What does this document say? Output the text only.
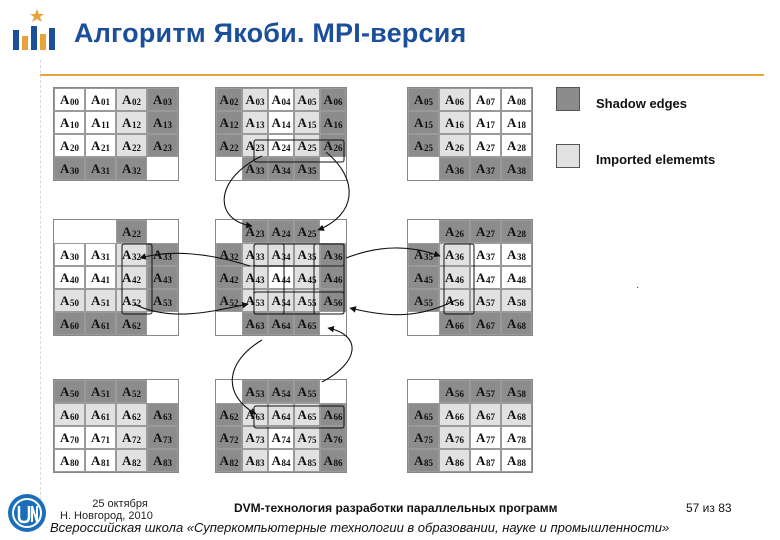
Алгоритм Якоби. MPI-версия
A 00 A 01 A 02 A 03
A 10 A 11 A 12 A 13
A 20 A 21 A 22 A 23
A 30 A 31 A 32
A 02 A 03 A 04 A 05 A 06
A 12 A 13 A 14 A 15 A 16
A 22 A 23 A 24 A 25 A 26
A 33 A 34 A 35
A 05 A 06 A 07 A 08
A 15 A 16 A 17 A 18
A 25 A 26 A 27 A 28
A 36 A 37 A 38
A 22
A 30 A 31 A 32 A 33
A 40 A 41 A 42 A 43
A 50 A 51 A 52 A 53
A 60 A 61 A 62
A 23 A 24 A 25
A 32 A 33 A 34 A 35 A 36
A 42 A 43 A 44 A 45 A 46
A 52 A 53 A 54 A 55 A 56
A 63 A 64 A 65
A 26 A 27 A 28
A 35 A 36 A 37 A 38
A 45 A 46 A 47 A 48
A 55 A 56 A 57 A 58
A 66 A 67 A 68
A 50 A 51 A 52
A 60 A 61 A 62 A 63
A 70 A 71 A 72 A 73
A 80 A 81 A 82 A 83
A 53 A 54 A 55
A 62 A 63 A 64 A 65 A 66
A 72 A 73 A 74 A 75 A 76
A 82 A 83 A 84 A 85 A 86
A 56 A 57 A 58
A 65 A 66 A 67 A 68
A 75 A 76 A 77 A 78
A 85 A 86 A 87 A 88
Shadow edges
Imported elememts
·
25 октября
Н. Новгород, 2010
DVM-технология разработки параллельных программ	57 из 83
Всероссийская школа «Суперкомпьютерные технологии в образовании, науке и промышленности»
